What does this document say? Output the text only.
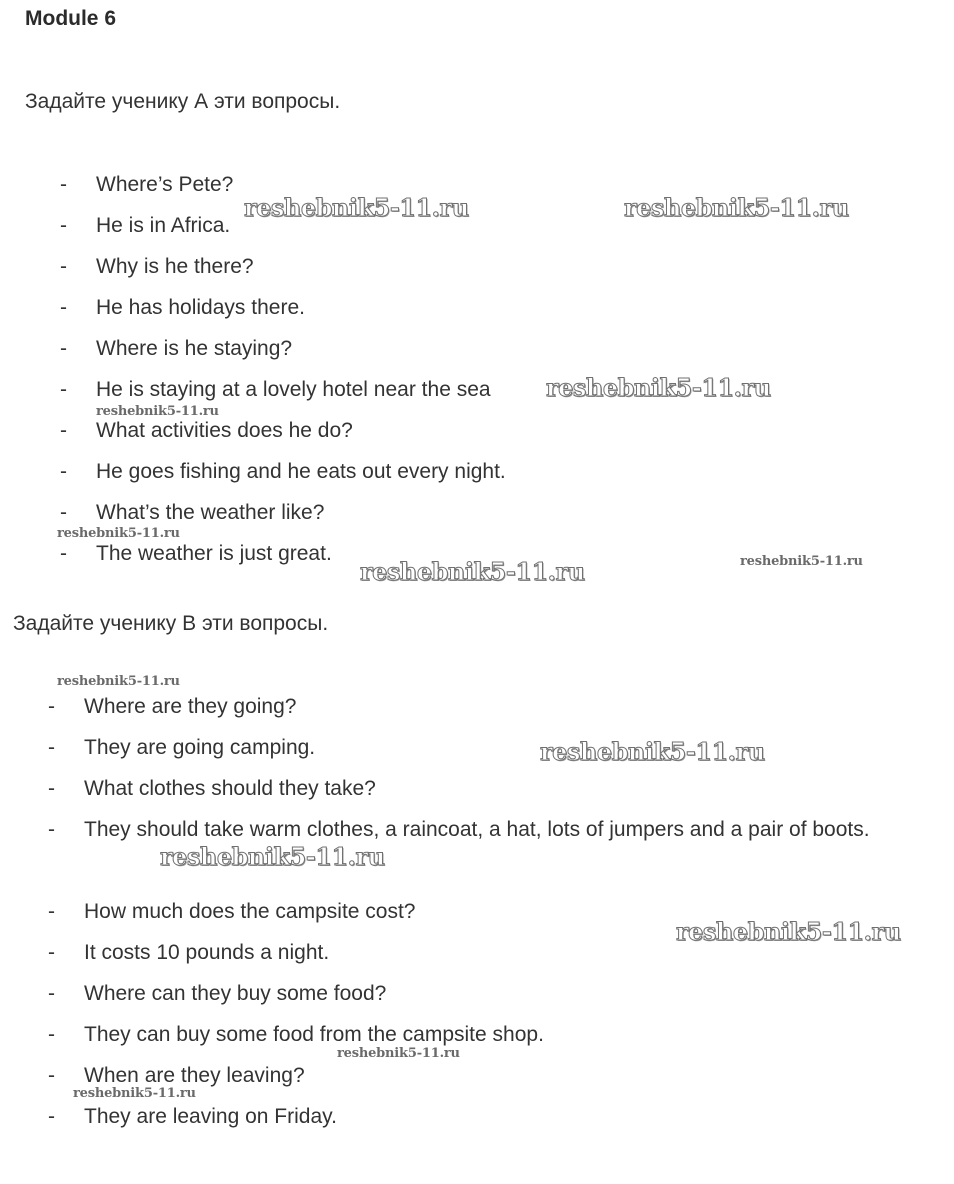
Module 6
Задайте ученику А эти вопросы.
-	Where’s Pete?
-	He is in Africa.
-	Why is he there?
-	He has holidays there.
-	Where is he staying?
-	He is staying at a lovely hotel near the sea
-	What activities does he do?
-	He goes fishing and he eats out every night.
-	What’s the weather like?
-	The weather is just great.
Задайте ученику В эти вопросы.
-	Where are they going?
-	They are going camping.
-	What clothes should they take?
-	They should take warm clothes, a raincoat, a hat, lots of jumpers and a pair of boots.
-	How much does the campsite cost?
-	It costs 10 pounds a night.
-	Where can they buy some food?
-	They can buy some food from the campsite shop.
-	When are they leaving?
-	They are leaving on Friday.
reshebnik5-11.ru	reshebnik5-11.ru
reshebnik5-11.ru
reshebnik5-11.ru
reshebnik5-11.ru
reshebnik5-11.ru	reshebnik5-11.ru
reshebnik5-11.ru
reshebnik5-11.ru
reshebnik5-11.ru
reshebnik5-11.ru
reshebnik5-11.ru
reshebnik5-11.ru
